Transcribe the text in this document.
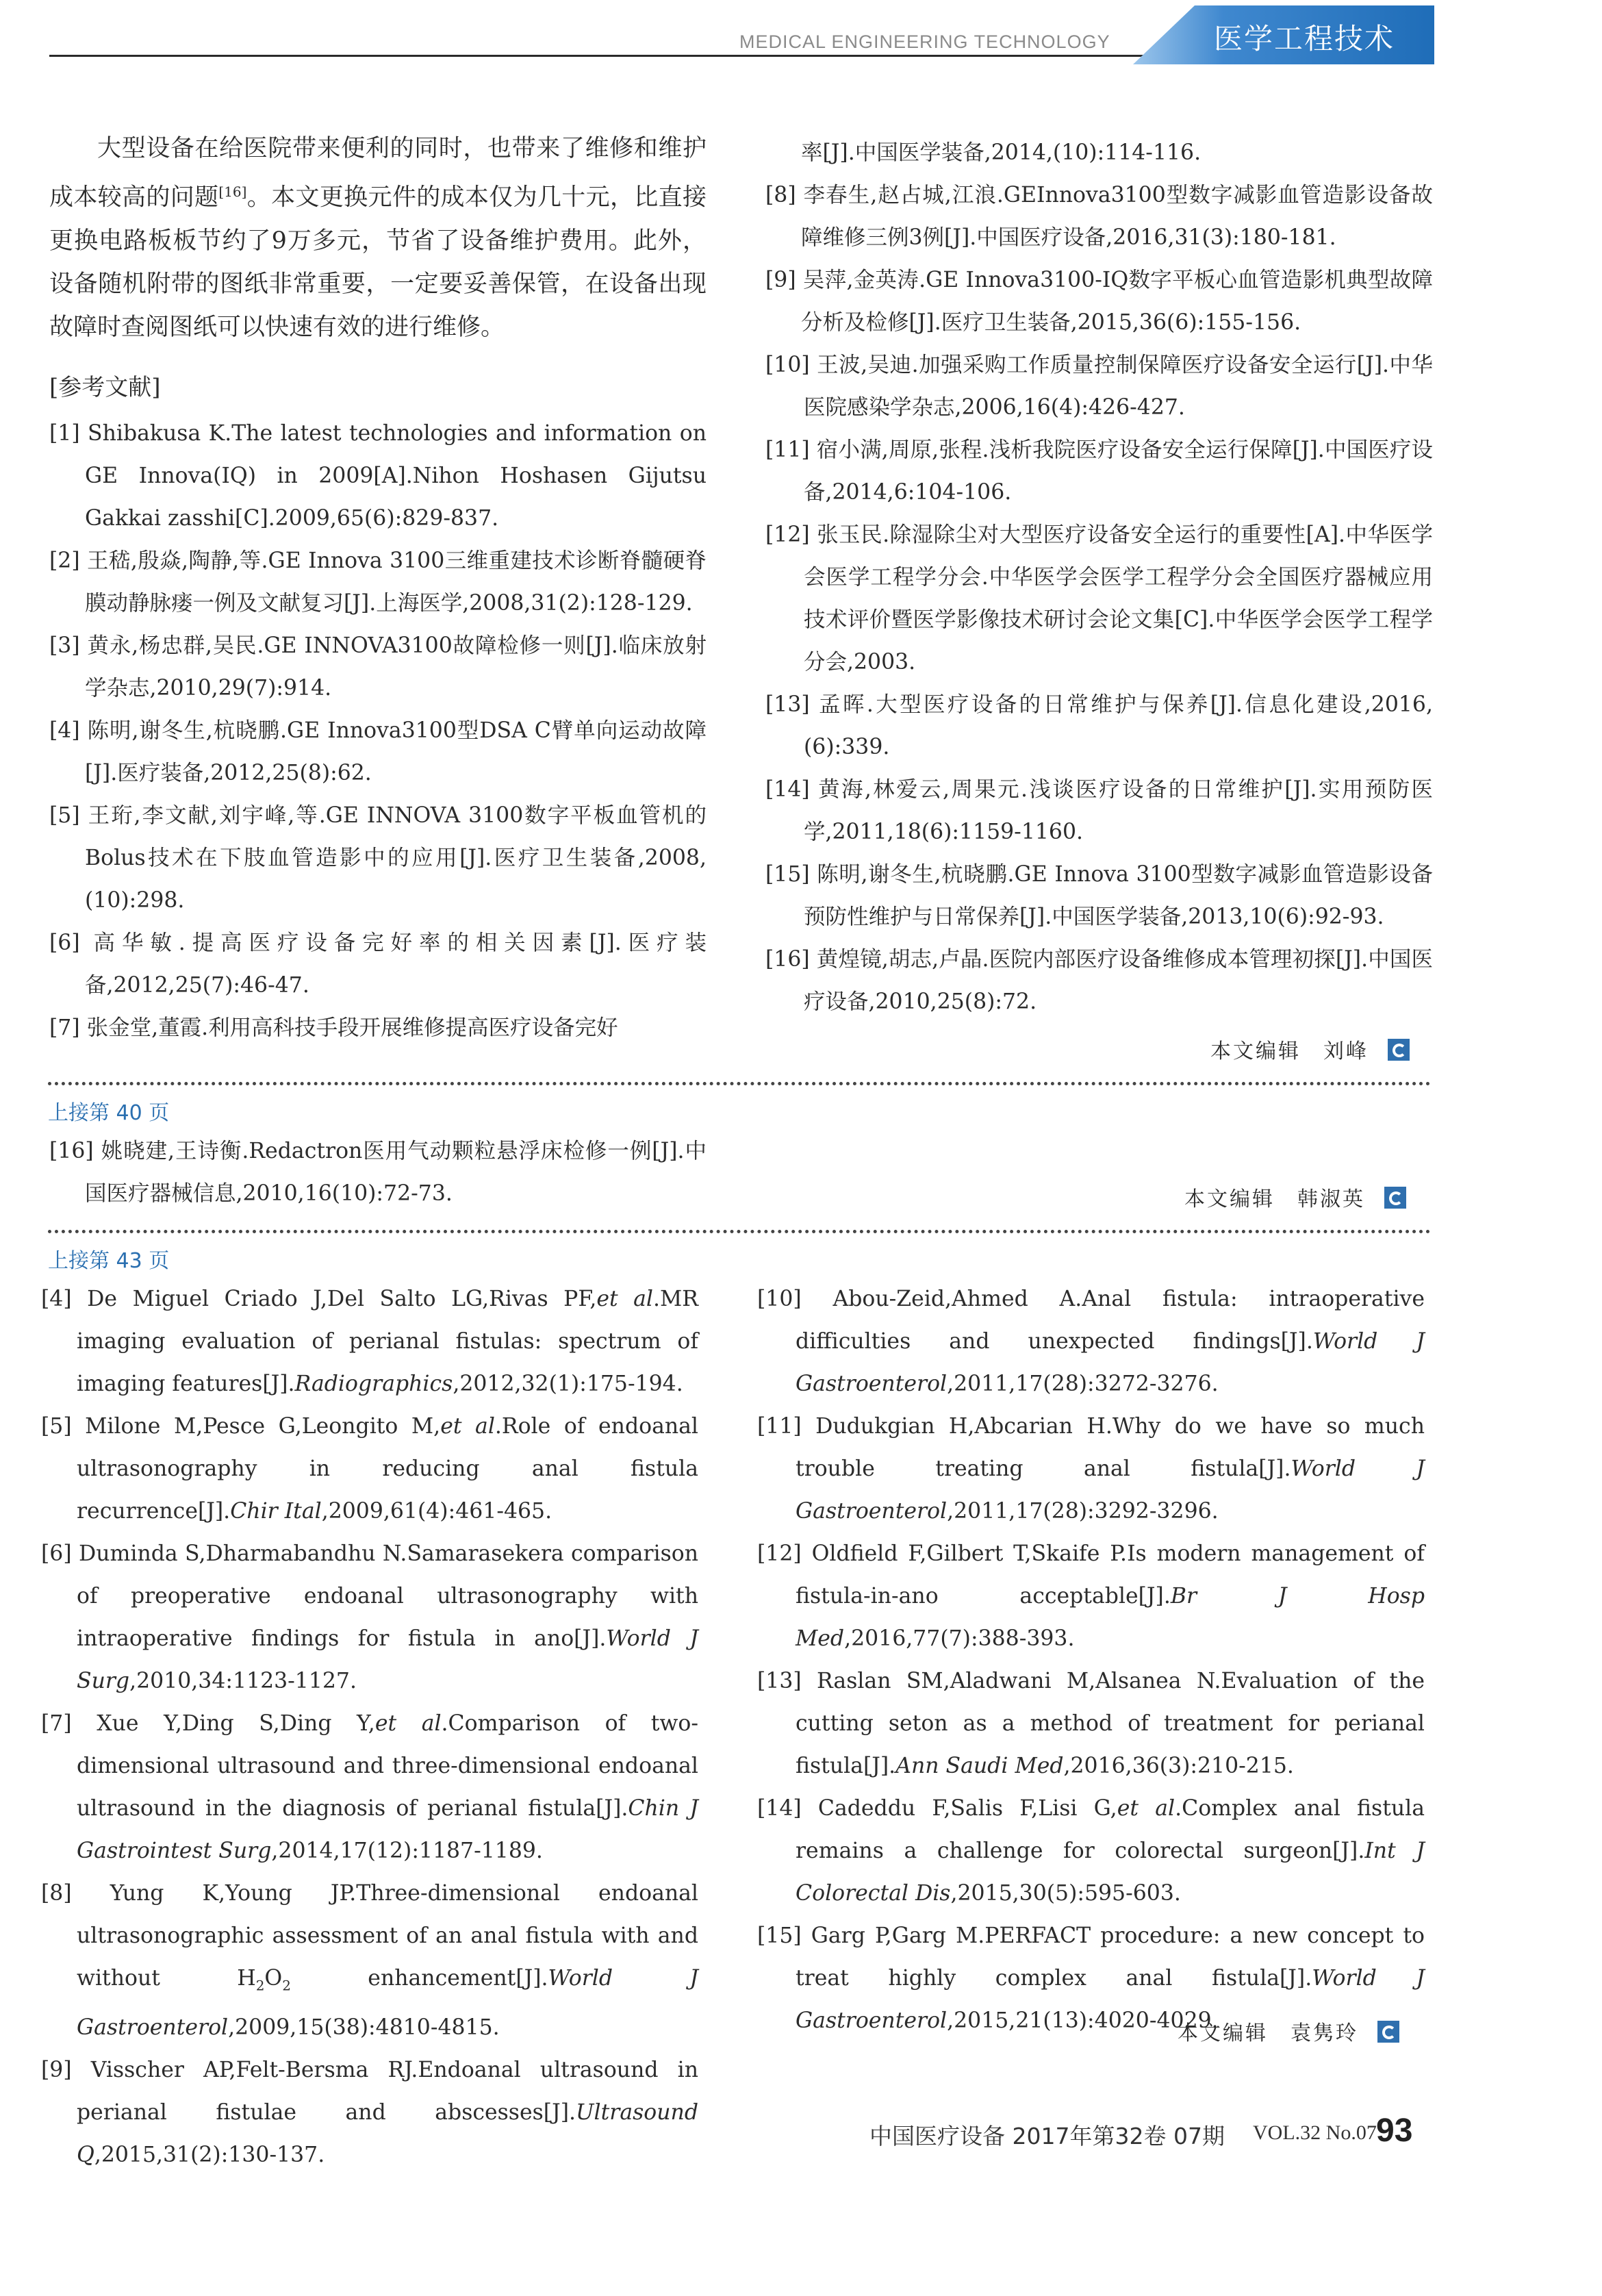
MEDICAL ENGINEERING TECHNOLOGY	医学工程技术

大型设备在给医院带来便利的同时，也带来了维修和维护成本较高的问题[16]。本文更换元件的成本仅为几十元，比直接更换电路板板节约了9万多元，节省了设备维护费用。此外，设备随机附带的图纸非常重要，一定要妥善保管，在设备出现故障时查阅图纸可以快速有效的进行维修。

[参考文献]

[1] Shibakusa K.The latest technologies and information on GE Innova(IQ) in 2009[A].Nihon Hoshasen Gijutsu Gakkai zasshi[C].2009,65(6):829-837.

[2] 王嵇,殷焱,陶静,等.GE Innova 3100三维重建技术诊断脊髓硬脊膜动静脉瘘一例及文献复习[J].上海医学,2008,31(2):128-129.

[3] 黄永,杨忠群,吴民.GE INNOVA3100故障检修一则[J].临床放射学杂志,2010,29(7):914.

[4] 陈明,谢冬生,杭晓鹏.GE Innova3100型DSA C臂单向运动故障[J].医疗装备,2012,25(8):62.

[5] 王珩,李文献,刘宇峰,等.GE INNOVA 3100数字平板血管机的Bolus技术在下肢血管造影中的应用[J].医疗卫生装备,2008,(10):298.

[6] 高华敏.提高医疗设备完好率的相关因素[J].医疗装备,2012,25(7):46-47.

[7] 张金堂,董霞.利用高科技手段开展维修提高医疗设备完好

率[J].中国医学装备,2014,(10):114-116.

[8] 李春生,赵占城,江浪.GEInnova3100型数字减影血管造影设备故障维修三例3例[J].中国医疗设备,2016,31(3):180-181.

[9] 吴萍,金英涛.GE Innova3100-IQ数字平板心血管造影机典型故障分析及检修[J].医疗卫生装备,2015,36(6):155-156.

[10] 王波,吴迪.加强采购工作质量控制保障医疗设备安全运行[J].中华医院感染学杂志,2006,16(4):426-427.

[11] 宿小满,周原,张程.浅析我院医疗设备安全运行保障[J].中国医疗设备,2014,6:104-106.

[12] 张玉民.除湿除尘对大型医疗设备安全运行的重要性[A].中华医学会医学工程学分会.中华医学会医学工程学分会全国医疗器械应用技术评价暨医学影像技术研讨会论文集[C].中华医学会医学工程学分会,2003.

[13] 孟晖.大型医疗设备的日常维护与保养[J].信息化建设,2016,(6):339.

[14] 黄海,林爱云,周果元.浅谈医疗设备的日常维护[J].实用预防医学,2011,18(6):1159-1160.

[15] 陈明,谢冬生,杭晓鹏.GE Innova 3100型数字减影血管造影设备预防性维护与日常保养[J].中国医学装备,2013,10(6):92-93.

[16] 黄煌镜,胡志,卢晶.医院内部医疗设备维修成本管理初探[J].中国医疗设备,2010,25(8):72.

本文编辑　刘峰
上接第 40 页

[16] 姚晓建,王诗衡.Redactron医用气动颗粒悬浮床检修一例[J].中国医疗器械信息,2010,16(10):72-73.	本文编辑　韩淑英
上接第 43 页

[4] De Miguel Criado J,Del Salto LG,Rivas PF,et al.MR imaging evaluation of perianal fistulas: spectrum of imaging features[J].Radiographics,2012,32(1):175-194.

[5] Milone M,Pesce G,Leongito M,et al.Role of endoanal ultrasonography in reducing anal fistula recurrence[J].Chir Ital,2009,61(4):461-465.

[6] Duminda S,Dharmabandhu N.Samarasekera comparison of preoperative endoanal ultrasonography with intraoperative findings for fistula in ano[J].World J Surg,2010,34:1123-1127.

[7] Xue Y,Ding S,Ding Y,et al.Comparison of two-dimensional ultrasound and three-dimensional endoanal ultrasound in the diagnosis of perianal fistula[J].Chin J Gastrointest Surg,2014,17(12):1187-1189.

[8] Yung K,Young JP.Three-dimensional endoanal ultrasonographic assessment of an anal fistula with and without $H_2O_2$ enhancement[J].World J Gastroenterol,2009,15(38):4810-4815.

[9] Visscher AP,Felt-Bersma RJ.Endoanal ultrasound in perianal fistulae and abscesses[J].Ultrasound Q,2015,31(2):130-137.

[10] Abou-Zeid,Ahmed A.Anal fistula: intraoperative difficulties and unexpected findings[J].World J Gastroenterol,2011,17(28):3272-3276.

[11] Dudukgian H,Abcarian H.Why do we have so much trouble treating anal fistula[J].World J Gastroenterol,2011,17(28):3292-3296.

[12] Oldfield F,Gilbert T,Skaife P.Is modern management of fistula-in-ano acceptable[J].Br J Hosp Med,2016,77(7):388-393.

[13] Raslan SM,Aladwani M,Alsanea N.Evaluation of the cutting seton as a method of treatment for perianal fistula[J].Ann Saudi Med,2016,36(3):210-215.

[14] Cadeddu F,Salis F,Lisi G,et al.Complex anal fistula remains a challenge for colorectal surgeon[J].Int J Colorectal Dis,2015,30(5):595-603.

[15] Garg P,Garg M.PERFACT procedure: a new concept to treat highly complex anal fistula[J].World J Gastroenterol,2015,21(13):4020-4029.

本文编辑　袁隽玲
中国医疗设备 2017年第32卷 07期 VOL.32 No.07 93
